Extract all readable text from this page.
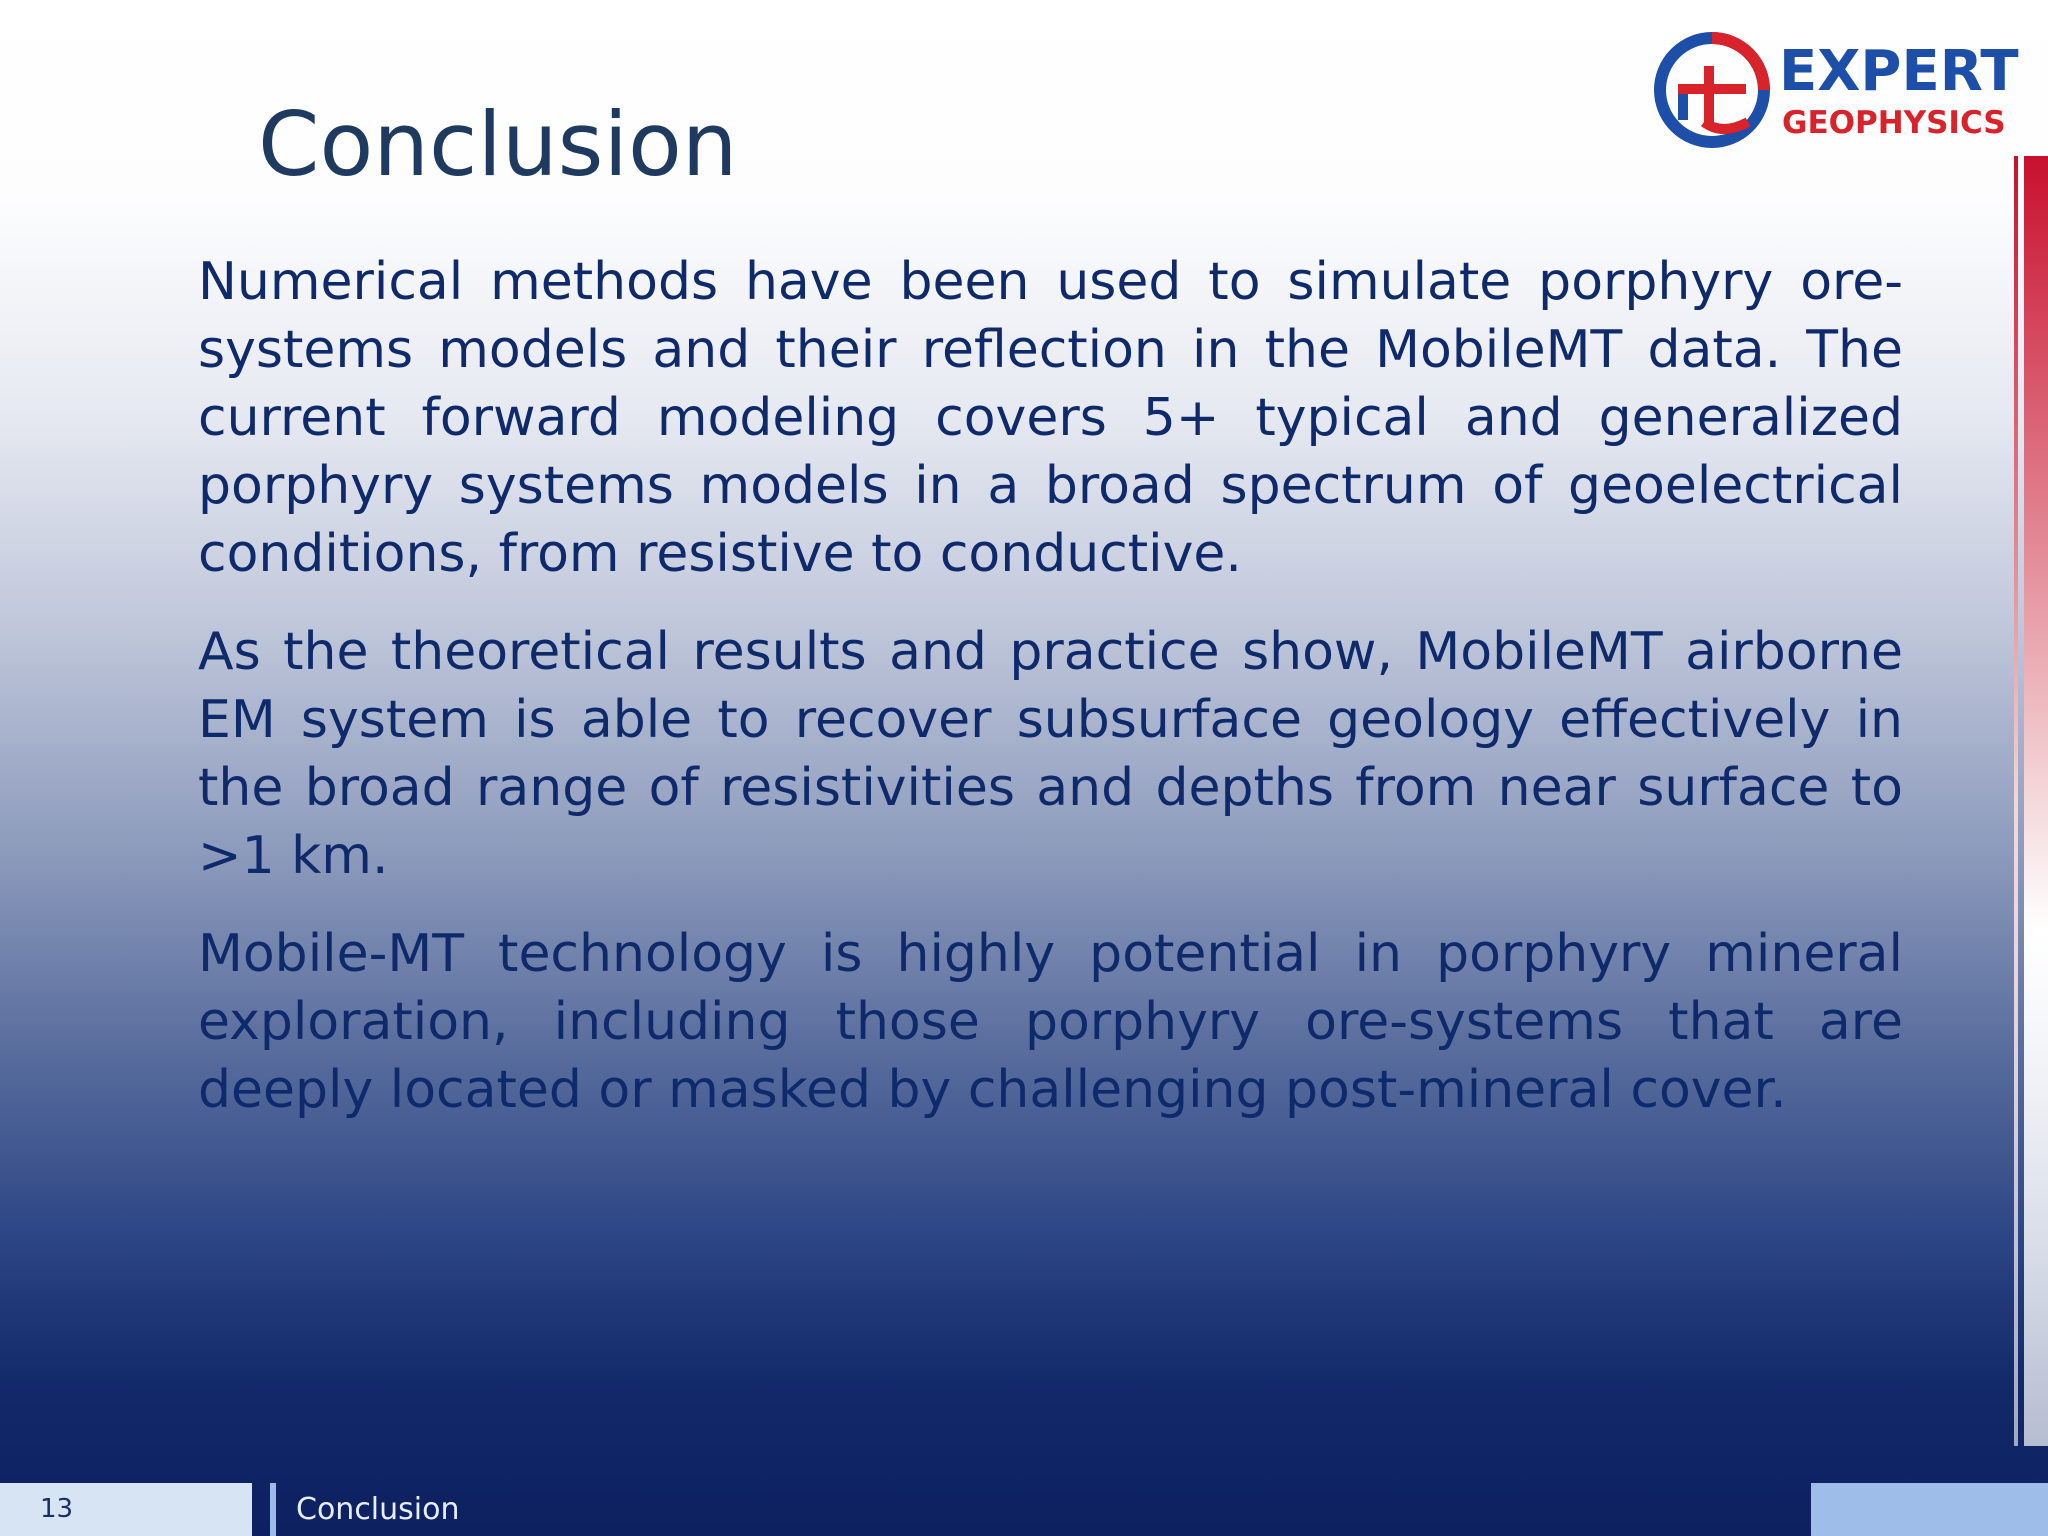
Conclusion
EXPERT
GEOPHYSICS

Numerical methods have been used to simulate porphyry ore-systems models and their reflection in the MobileMT data. The current forward modeling covers 5+ typical and generalized porphyry systems models in a broad spectrum of geoelectrical conditions, from resistive to conductive.

As the theoretical results and practice show, MobileMT airborne EM system is able to recover subsurface geology effectively in the broad range of resistivities and depths from near surface to >1 km.

Mobile-MT technology is highly potential in porphyry mineral exploration, including those porphyry ore-systems that are deeply located or masked by challenging post-mineral cover.

13	Conclusion
